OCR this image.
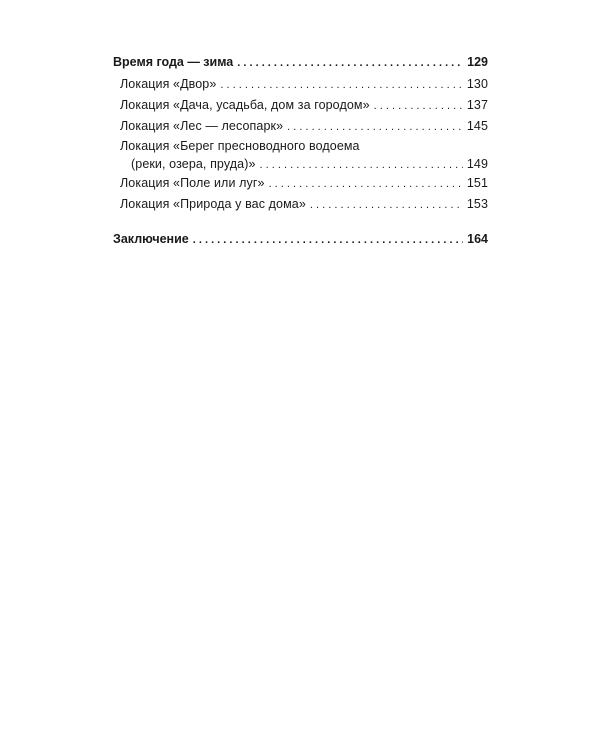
Время года — зима . . .	129
Локация «Двор» . . .	130
Локация «Дача, усадьба, дом за городом» . . .	137
Локация «Лес — лесопарк» . . .	145
Локация «Берег пресноводного водоема
(реки, озера, пруда)» . . .	149
Локация «Поле или луг» . . .	151
Локация «Природа у вас дома» . . .	153
Заключение . . .	164
